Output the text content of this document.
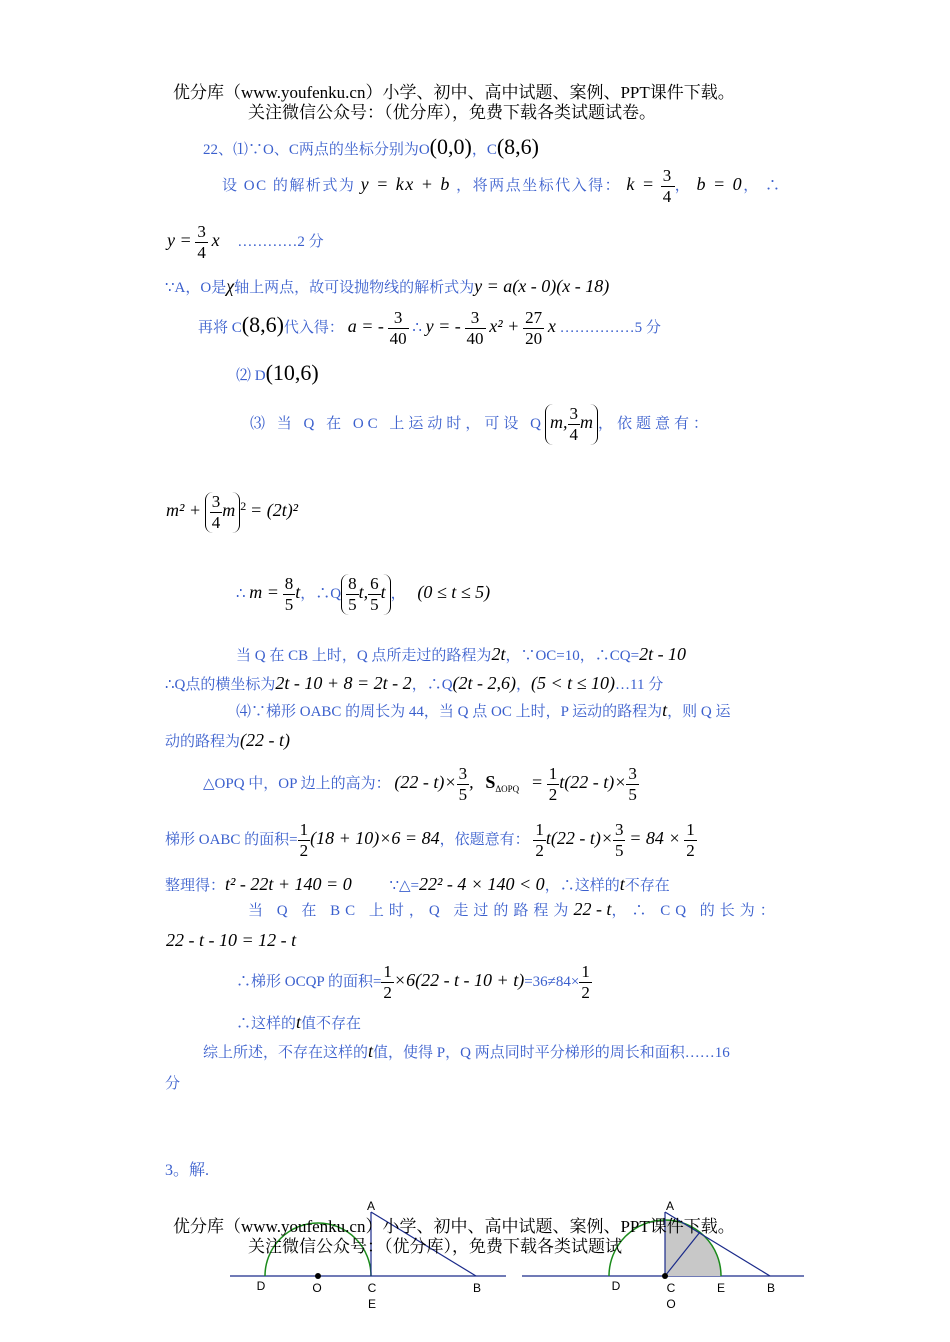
优分库（www.youfenku.cn）小学、初中、高中试题、案例、PPT课件下载。
关注微信公众号：（优分库），免费下载各类试题试卷。
22、⑴∵O、C两点的坐标分别为O(0,0)，C(8,6)
设 OC 的解析式为 y = kx + b ，将两点坐标代入得： $k = \frac{3}{4}$ ， b = 0， ∴
$y = \frac{3}{4}$ x …………2 分
∵A，O是χ轴上两点，故可设抛物线的解析式为y = a(x - 0)(x - 18)
再将 C(8,6)代入得： a = - $\frac{3}{40}$ ∴ y = - $\frac{3}{40} x^2 + \frac{27}{20}$ x ……………5 分
⑵ D(10,6)
⑶ 当 Q 在 OC 上运动时，可设 Q m, $\frac{3}{4}$ m ，依题意有：
$m^2 + \frac{3}{4}$ m $^2$ = (2t)²
∴ $m = \frac{8}{5}$ t，∴Q $\frac{8}{5} t$, $\frac{6}{5}$ t ， (0 ≤ t ≤ 5)
当 Q 在 CB 上时，Q 点所走过的路程为2t，∵OC=10，∴CQ=2t - 10
∴Q点的横坐标为2t - 10 + 8 = 2t - 2，∴Q(2t - 2,6)，(5 < t ≤ 10)…11 分
⑷∵梯形 OABC 的周长为 44，当 Q 点 OC 上时，P 运动的路程为t，则 Q 运
动的路程为(22 - t)
△OPQ 中，OP 边上的高为： $(22 - t)\times \frac{3}{5}$ , $S_{\Delta OPQ} = \frac{1}{2} t(22 - t)\times \frac{3}{5}$
梯形 OABC 的面积= $\frac{1}{2} (18 + 10)\times 6 = 84$，依题意有： $\frac{1}{2} t(22 - t)\times \frac{3}{5} = 84 \times \frac{1}{2}$
整理得：t² - 22t + 140 = 0	∵△=22² - 4 × 140 < 0，∴这样的t不存在
当 Q 在 BC 上时，Q 走过的路程为22 - t，∴ CQ 的长为：
22 - t - 10 = 12 - t
∴梯形 OCQP 的面积= $\frac{1}{2} \times 6(22 - t - 10 + t)=36\ne 84\times \frac{1}{2}$
∴这样的t值不存在
综上所述，不存在这样的t值，使得 P，Q 两点同时平分梯形的周长和面积……16
分
3。解.
A
D	O	C
E
B
A
D	C
O
E	B
优分库（www.youfenku.cn）小学、初中、高中试题、案例、PPT课件下载。
关注微信公众号：（优分库），免费下载各类试题试
